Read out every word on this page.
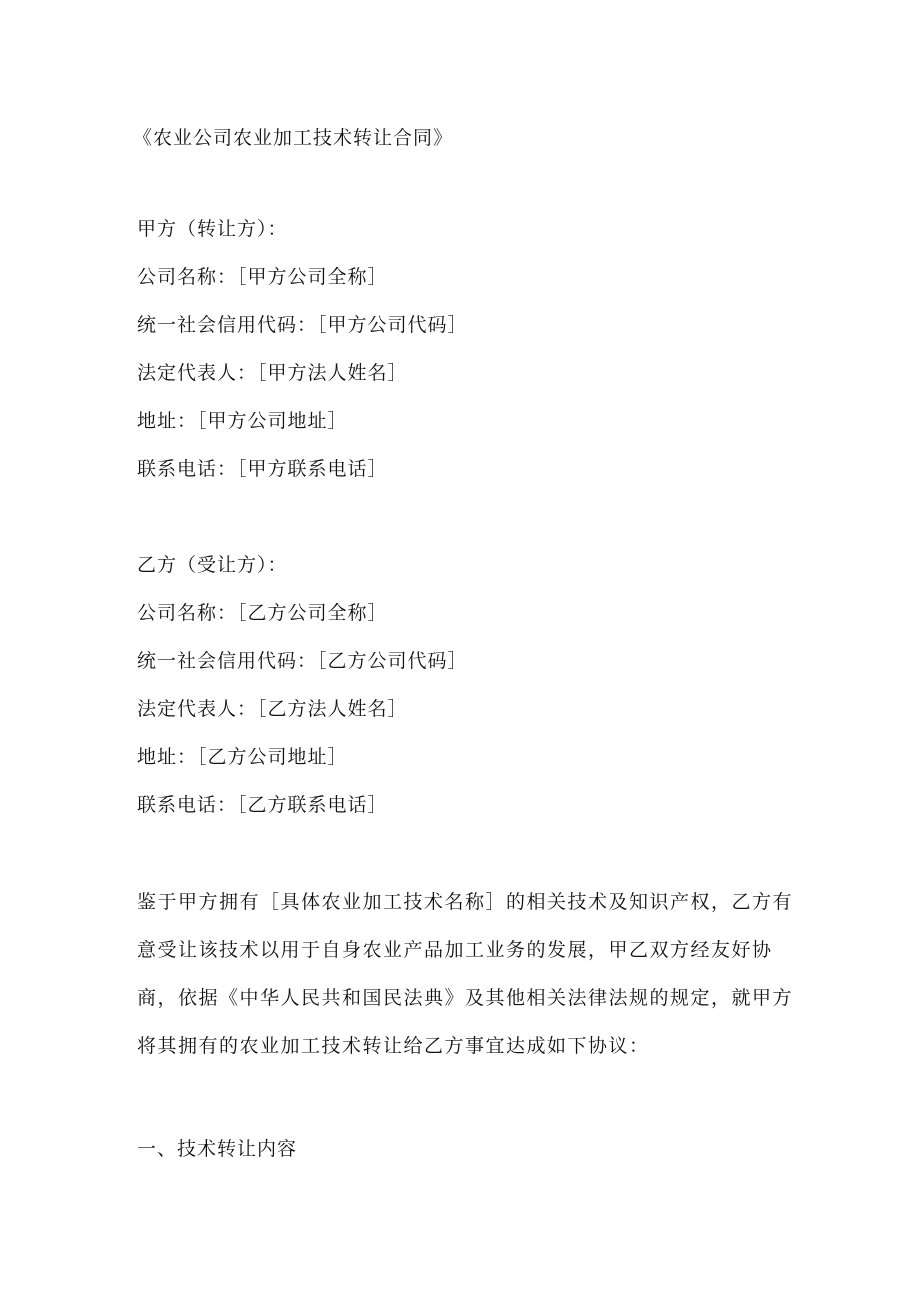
《农业公司农业加工技术转让合同》
甲方（转让方）：
公司名称：［甲方公司全称］
统一社会信用代码：［甲方公司代码］
法定代表人：［甲方法人姓名］
地址：［甲方公司地址］
联系电话：［甲方联系电话］
乙方（受让方）：
公司名称：［乙方公司全称］
统一社会信用代码：［乙方公司代码］
法定代表人：［乙方法人姓名］
地址：［乙方公司地址］
联系电话：［乙方联系电话］
鉴于甲方拥有［具体农业加工技术名称］的相关技术及知识产权，乙方有意受让该技术以用于自身农业产品加工业务的发展，甲乙双方经友好协商，依据《中华人民共和国民法典》及其他相关法律法规的规定，就甲方将其拥有的农业加工技术转让给乙方事宜达成如下协议：
一、技术转让内容
